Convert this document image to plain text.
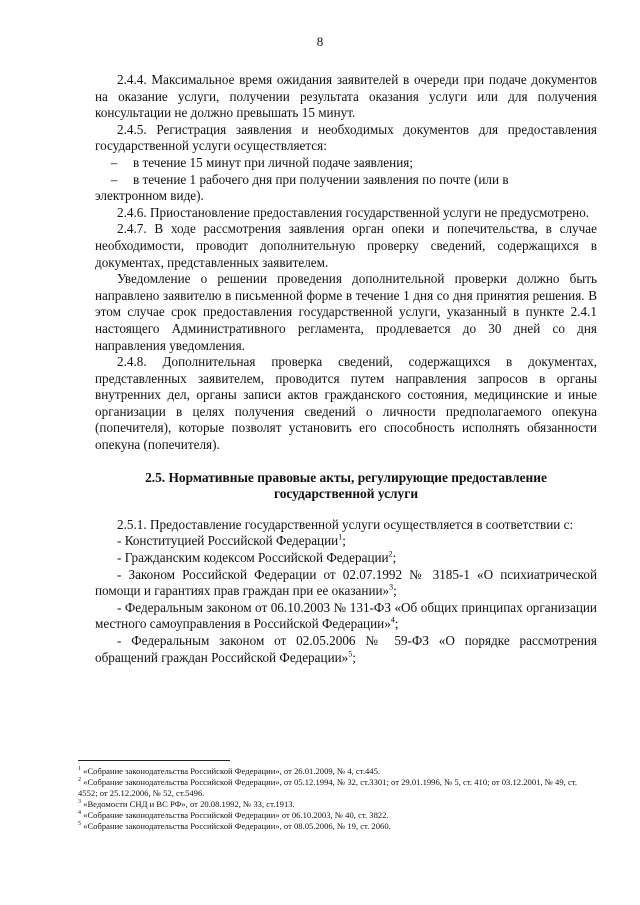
8

2.4.4. Максимальное время ожидания заявителей в очереди при подаче документов на оказание услуги, получении результата оказания услуги или для получения консультации не должно превышать 15 минут.

2.4.5. Регистрация заявления и необходимых документов для предоставления государственной услуги осуществляется:

–	в течение 15 минут при личной подаче заявления;
–	в течение 1 рабочего дня при получении заявления по почте (или в

электронном виде).

2.4.6. Приостановление предоставления государственной услуги не предусмотрено.

2.4.7. В ходе рассмотрения заявления орган опеки и попечительства, в случае необходимости, проводит дополнительную проверку сведений, содержащихся в документах, представленных заявителем.

Уведомление о решении проведения дополнительной проверки должно быть направлено заявителю в письменной форме в течение 1 дня со дня принятия решения. В этом случае срок предоставления государственной услуги, указанный в пункте 2.4.1 настоящего Административного регламента, продлевается до 30 дней со дня направления уведомления.

2.4.8. Дополнительная проверка сведений, содержащихся в документах, представленных заявителем, проводится путем направления запросов в органы внутренних дел, органы записи актов гражданского состояния, медицинские и иные организации в целях получения сведений о личности предполагаемого опекуна (попечителя), которые позволят установить его способность исполнять обязанности опекуна (попечителя).

2.5. Нормативные правовые акты, регулирующие предоставление
государственной услуги

2.5.1. Предоставление государственной услуги осуществляется в соответствии с:

- Конституцией Российской Федерации$^1$;

- Гражданским кодексом Российской Федерации$^2$;

- Законом Российской Федерации от 02.07.1992 № 3185-1 «О психиатрической помощи и гарантиях прав граждан при ее оказании»$^3$;

- Федеральным законом от 06.10.2003 № 131-ФЗ «Об общих принципах организации местного самоуправления в Российской Федерации»$^4$;

- Федеральным законом от 02.05.2006 № 59-ФЗ «О порядке рассмотрения обращений граждан Российской Федерации»$^5$;

$^1$ «Собрание законодательства Российской Федерации», от 26.01.2009, № 4, ст.445.

$^2$ «Собрание законодательства Российской Федерации», от 05.12.1994, № 32, ст.3301; от 29.01.1996, № 5, ст. 410; от 03.12.2001, № 49, ст. 4552; от 25.12.2006, № 52, ст.5496.

$^3$ «Ведомости СНД и ВС РФ», от 20.08.1992, № 33, ст.1913.

$^4$ «Собрание законодательства Российской Федерации» от 06.10.2003, № 40, ст. 3822.

$^5$ «Собрание законодательства Российской Федерации», от 08.05.2006, № 19, ст. 2060.
